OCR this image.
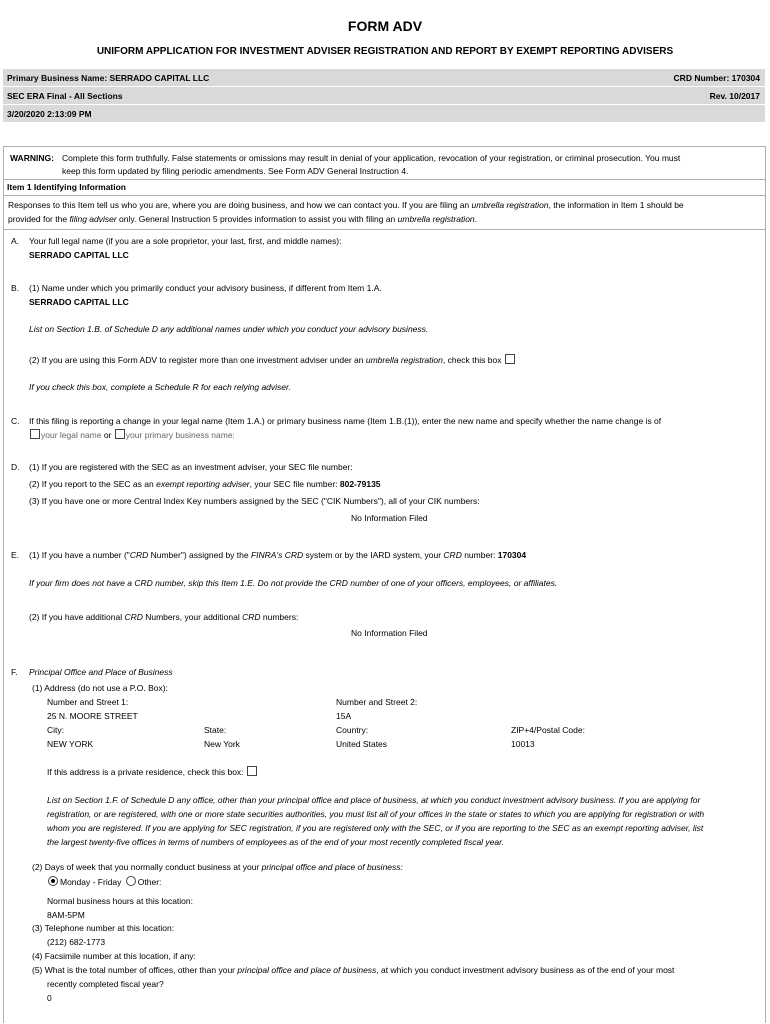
FORM ADV
UNIFORM APPLICATION FOR INVESTMENT ADVISER REGISTRATION AND REPORT BY EXEMPT REPORTING ADVISERS
Primary Business Name: SERRADO CAPITAL LLC	CRD Number: 170304
SEC ERA Final - All Sections	Rev. 10/2017
3/20/2020 2:13:09 PM
WARNING: Complete this form truthfully. False statements or omissions may result in denial of your application, revocation of your registration, or criminal prosecution. You must
keep this form updated by filing periodic amendments. See Form ADV General Instruction 4.
Item 1 Identifying Information
Responses to this Item tell us who you are, where you are doing business, and how we can contact you. If you are filing an umbrella registration, the information in Item 1 should be
provided for the filing adviser only. General Instruction 5 provides information to assist you with filing an umbrella registration.
A. Your full legal name (if you are a sole proprietor, your last, first, and middle names):
SERRADO CAPITAL LLC
B. (1) Name under which you primarily conduct your advisory business, if different from Item 1.A.
SERRADO CAPITAL LLC
List on Section 1.B. of Schedule D any additional names under which you conduct your advisory business.
(2) If you are using this Form ADV to register more than one investment adviser under an umbrella registration, check this box
If you check this box, complete a Schedule R for each relying adviser.
C. If this filing is reporting a change in your legal name (Item 1.A.) or primary business name (Item 1.B.(1)), enter the new name and specify whether the name change is of
your legal name or your primary business name:
D. (1) If you are registered with the SEC as an investment adviser, your SEC file number:
(2) If you report to the SEC as an exempt reporting adviser, your SEC file number: 802-79135
(3) If you have one or more Central Index Key numbers assigned by the SEC ("CIK Numbers"), all of your CIK numbers:
No Information Filed
E. (1) If you have a number ("CRD Number") assigned by the FINRA's CRD system or by the IARD system, your CRD number: 170304
If your firm does not have a CRD number, skip this Item 1.E. Do not provide the CRD number of one of your officers, employees, or affiliates.
(2) If you have additional CRD Numbers, your additional CRD numbers:
No Information Filed
F. Principal Office and Place of Business
(1) Address (do not use a P.O. Box):
Number and Street 1:
25 N. MOORE STREET
Number and Street 2:
15A
City:
NEW YORK
State:
New York
Country:
United States
ZIP+4/Postal Code:
10013
If this address is a private residence, check this box:
List on Section 1.F. of Schedule D any office, other than your principal office and place of business, at which you conduct investment advisory business. If you are applying for
registration, or are registered, with one or more state securities authorities, you must list all of your offices in the state or states to which you are applying for registration or with
whom you are registered. If you are applying for SEC registration, if you are registered only with the SEC, or if you are reporting to the SEC as an exempt reporting adviser, list
the largest twenty-five offices in terms of numbers of employees as of the end of your most recently completed fiscal year.
(2) Days of week that you normally conduct business at your principal office and place of business:
Monday - Friday Other:
Normal business hours at this location:
8AM-5PM
(3) Telephone number at this location:
(212) 682-1773
(4) Facsimile number at this location, if any:
(5) What is the total number of offices, other than your principal office and place of business, at which you conduct investment advisory business as of the end of your most
recently completed fiscal year?
0
